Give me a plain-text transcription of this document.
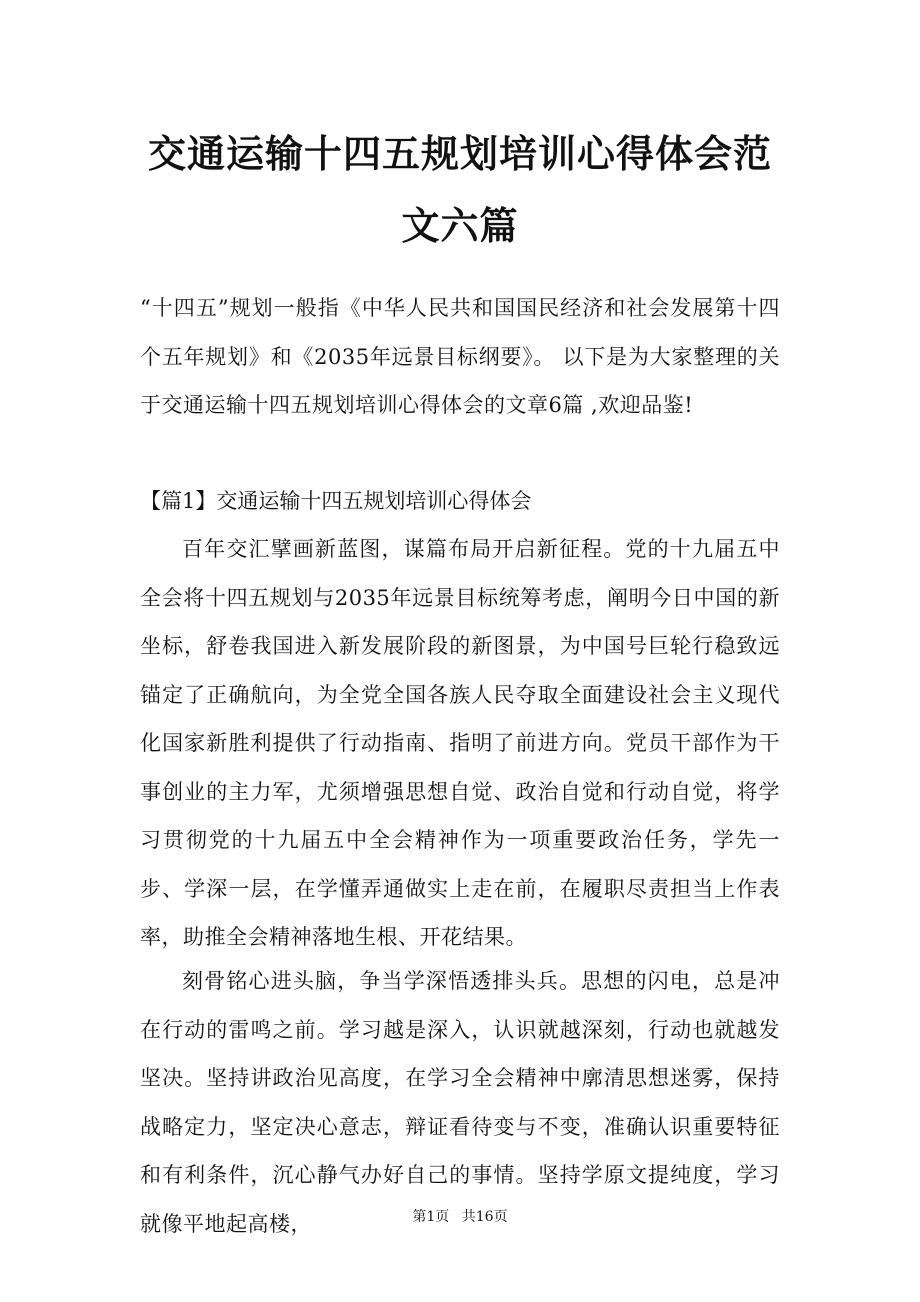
交通运输十四五规划培训心得体会范文六篇
“十四五”规划一般指《中华人民共和国国民经济和社会发展第十四个五年规划》和《2035年远景目标纲要》。 以下是为大家整理的关于交通运输十四五规划培训心得体会的文章6篇 ,欢迎品鉴!
【篇1】交通运输十四五规划培训心得体会
百年交汇擘画新蓝图，谋篇布局开启新征程。党的十九届五中全会将十四五规划与2035年远景目标统筹考虑，阐明今日中国的新坐标，舒卷我国进入新发展阶段的新图景，为中国号巨轮行稳致远锚定了正确航向，为全党全国各族人民夺取全面建设社会主义现代化国家新胜利提供了行动指南、指明了前进方向。党员干部作为干事创业的主力军，尤须增强思想自觉、政治自觉和行动自觉，将学习贯彻党的十九届五中全会精神作为一项重要政治任务，学先一步、学深一层，在学懂弄通做实上走在前，在履职尽责担当上作表率，助推全会精神落地生根、开花结果。
刻骨铭心进头脑，争当学深悟透排头兵。思想的闪电，总是冲在行动的雷鸣之前。学习越是深入，认识就越深刻，行动也就越发坚决。坚持讲政治见高度，在学习全会精神中廓清思想迷雾，保持战略定力，坚定决心意志，辩证看待变与不变，准确认识重要特征和有利条件，沉心静气办好自己的事情。坚持学原文提纯度，学习就像平地起高楼，	第1页 共16页
